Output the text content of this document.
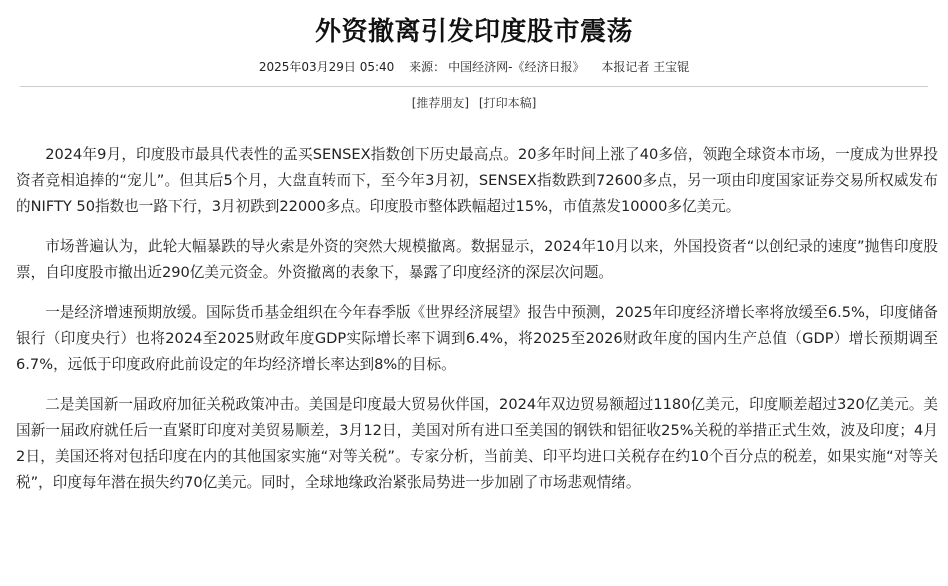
外资撤离引发印度股市震荡
2025年03月29日 05:40 来源： 中国经济网-《经济日报》 本报记者 王宝锟
[推荐朋友] [打印本稿]

2024年9月，印度股市最具代表性的孟买SENSEX指数创下历史最高点。20多年时间上涨了40多倍，领跑全球资本市场，一度成为世界投资者竞相追捧的“宠儿”。但其后5个月，大盘直转而下，至今年3月初，SENSEX指数跌到72600多点，另一项由印度国家证券交易所权威发布的NIFTY 50指数也一路下行，3月初跌到22000多点。印度股市整体跌幅超过15%，市值蒸发10000多亿美元。

市场普遍认为，此轮大幅暴跌的导火索是外资的突然大规模撤离。数据显示，2024年10月以来，外国投资者“以创纪录的速度”抛售印度股票，自印度股市撤出近290亿美元资金。外资撤离的表象下，暴露了印度经济的深层次问题。

一是经济增速预期放缓。国际货币基金组织在今年春季版《世界经济展望》报告中预测，2025年印度经济增长率将放缓至6.5%，印度储备银行（印度央行）也将2024至2025财政年度GDP实际增长率下调到6.4%，将2025至2026财政年度的国内生产总值（GDP）增长预期调至6.7%，远低于印度政府此前设定的年均经济增长率达到8%的目标。

二是美国新一届政府加征关税政策冲击。美国是印度最大贸易伙伴国，2024年双边贸易额超过1180亿美元，印度顺差超过320亿美元。美国新一届政府就任后一直紧盯印度对美贸易顺差，3月12日，美国对所有进口至美国的钢铁和铝征收25%关税的举措正式生效，波及印度；4月2日，美国还将对包括印度在内的其他国家实施“对等关税”。专家分析，当前美、印平均进口关税存在约10个百分点的税差，如果实施“对等关税”，印度每年潜在损失约70亿美元。同时，全球地缘政治紧张局势进一步加剧了市场悲观情绪。
